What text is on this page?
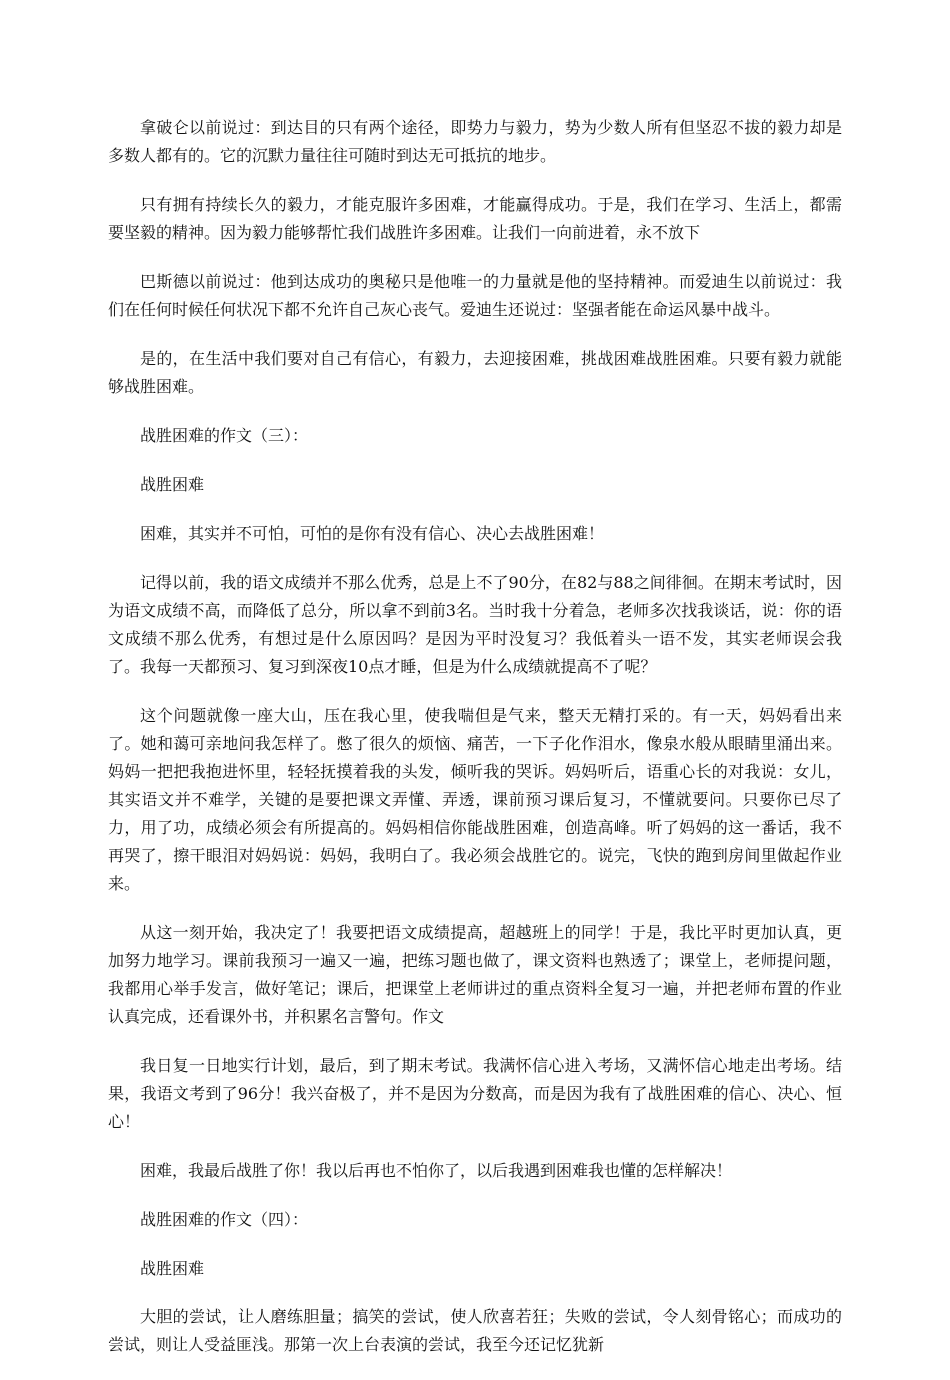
拿破仑以前说过：到达目的只有两个途径，即势力与毅力，势为少数人所有但坚忍不拔的毅力却是多数人都有的。它的沉默力量往往可随时到达无可抵抗的地步。

只有拥有持续长久的毅力，才能克服许多困难，才能赢得成功。于是，我们在学习、生活上，都需要坚毅的精神。因为毅力能够帮忙我们战胜许多困难。让我们一向前进着，永不放下

巴斯德以前说过：他到达成功的奥秘只是他唯一的力量就是他的坚持精神。而爱迪生以前说过：我们在任何时候任何状况下都不允许自己灰心丧气。爱迪生还说过：坚强者能在命运风暴中战斗。

是的，在生活中我们要对自己有信心，有毅力，去迎接困难，挑战困难战胜困难。只要有毅力就能够战胜困难。

战胜困难的作文（三）：

战胜困难

困难，其实并不可怕，可怕的是你有没有信心、决心去战胜困难！

记得以前，我的语文成绩并不那么优秀，总是上不了90分，在82与88之间徘徊。在期末考试时，因为语文成绩不高，而降低了总分，所以拿不到前3名。当时我十分着急，老师多次找我谈话，说：你的语文成绩不那么优秀，有想过是什么原因吗？是因为平时没复习？我低着头一语不发，其实老师误会我了。我每一天都预习、复习到深夜10点才睡，但是为什么成绩就提高不了呢？

这个问题就像一座大山，压在我心里，使我喘但是气来，整天无精打采的。有一天，妈妈看出来了。她和蔼可亲地问我怎样了。憋了很久的烦恼、痛苦，一下子化作泪水，像泉水般从眼睛里涌出来。妈妈一把把我抱进怀里，轻轻抚摸着我的头发，倾听我的哭诉。妈妈听后，语重心长的对我说：女儿，其实语文并不难学，关键的是要把课文弄懂、弄透，课前预习课后复习，不懂就要问。只要你已尽了力，用了功，成绩必须会有所提高的。妈妈相信你能战胜困难，创造高峰。听了妈妈的这一番话，我不再哭了，擦干眼泪对妈妈说：妈妈，我明白了。我必须会战胜它的。说完，飞快的跑到房间里做起作业来。

从这一刻开始，我决定了！我要把语文成绩提高，超越班上的同学！于是，我比平时更加认真，更加努力地学习。课前我预习一遍又一遍，把练习题也做了，课文资料也熟透了；课堂上，老师提问题，我都用心举手发言，做好笔记；课后，把课堂上老师讲过的重点资料全复习一遍，并把老师布置的作业认真完成，还看课外书，并积累名言警句。作文

我日复一日地实行计划，最后，到了期末考试。我满怀信心进入考场，又满怀信心地走出考场。结果，我语文考到了96分！我兴奋极了，并不是因为分数高，而是因为我有了战胜困难的信心、决心、恒心！

困难，我最后战胜了你！我以后再也不怕你了，以后我遇到困难我也懂的怎样解决！

战胜困难的作文（四）：

战胜困难

大胆的尝试，让人磨练胆量；搞笑的尝试，使人欣喜若狂；失败的尝试，令人刻骨铭心；而成功的尝试，则让人受益匪浅。那第一次上台表演的尝试，我至今还记忆犹新
